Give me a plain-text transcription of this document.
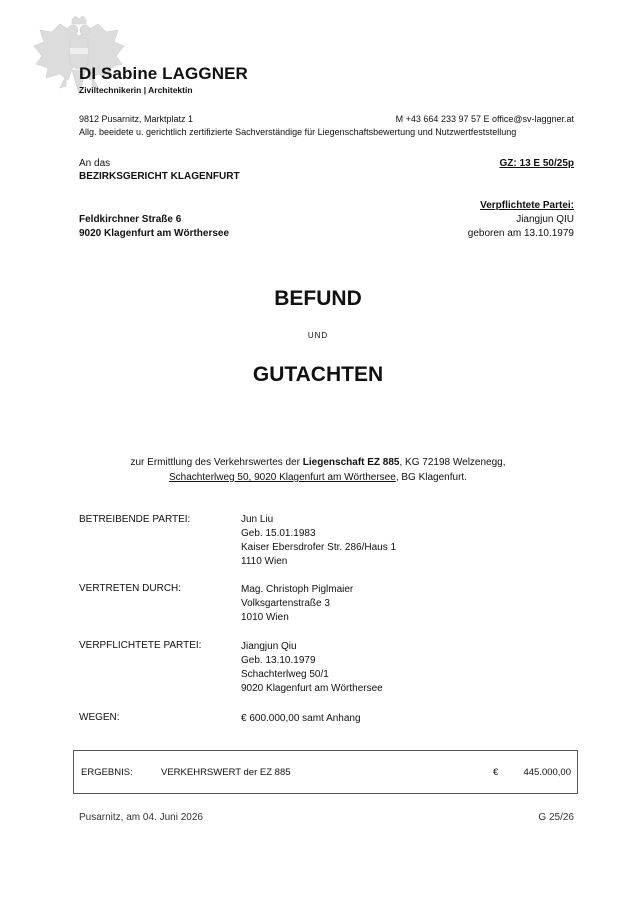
DI Sabine LAGGNER
Ziviltechnikerin | Architektin
9812 Pusarnitz, Marktplatz 1	M +43 664 233 97 57 E office@sv-laggner.at
Allg. beeidete u. gerichtlich zertifizierte Sachverständige für Liegenschaftsbewertung und Nutzwertfeststellung
An das
BEZIRKSGERICHT KLAGENFURT
GZ: 13 E 50/25p
Verpflichtete Partei:
Feldkirchner Straße 6	Jiangjun QIU
9020 Klagenfurt am Wörthersee	geboren am 13.10.1979
BEFUND
UND
GUTACHTEN
zur Ermittlung des Verkehrswertes der Liegenschaft EZ 885, KG 72198 Welzenegg,
Schachterlweg 50, 9020 Klagenfurt am Wörthersee, BG Klagenfurt.
BETREIBENDE PARTEI:	Jun Liu
Geb. 15.01.1983
Kaiser Ebersdrofer Str. 286/Haus 1
1110 Wien
VERTRETEN DURCH:	Mag. Christoph Piglmaier
Volksgartenstraße 3
1010 Wien
VERPFLICHTETE PARTEI:	Jiangjun Qiu
Geb. 13.10.1979
Schachterlweg 50/1
9020 Klagenfurt am Wörthersee
WEGEN:	€ 600.000,00 samt Anhang
ERGEBNIS:	VERKEHRSWERT der EZ 885	€	445.000,00
Pusarnitz, am 04. Juni 2026	G 25/26
